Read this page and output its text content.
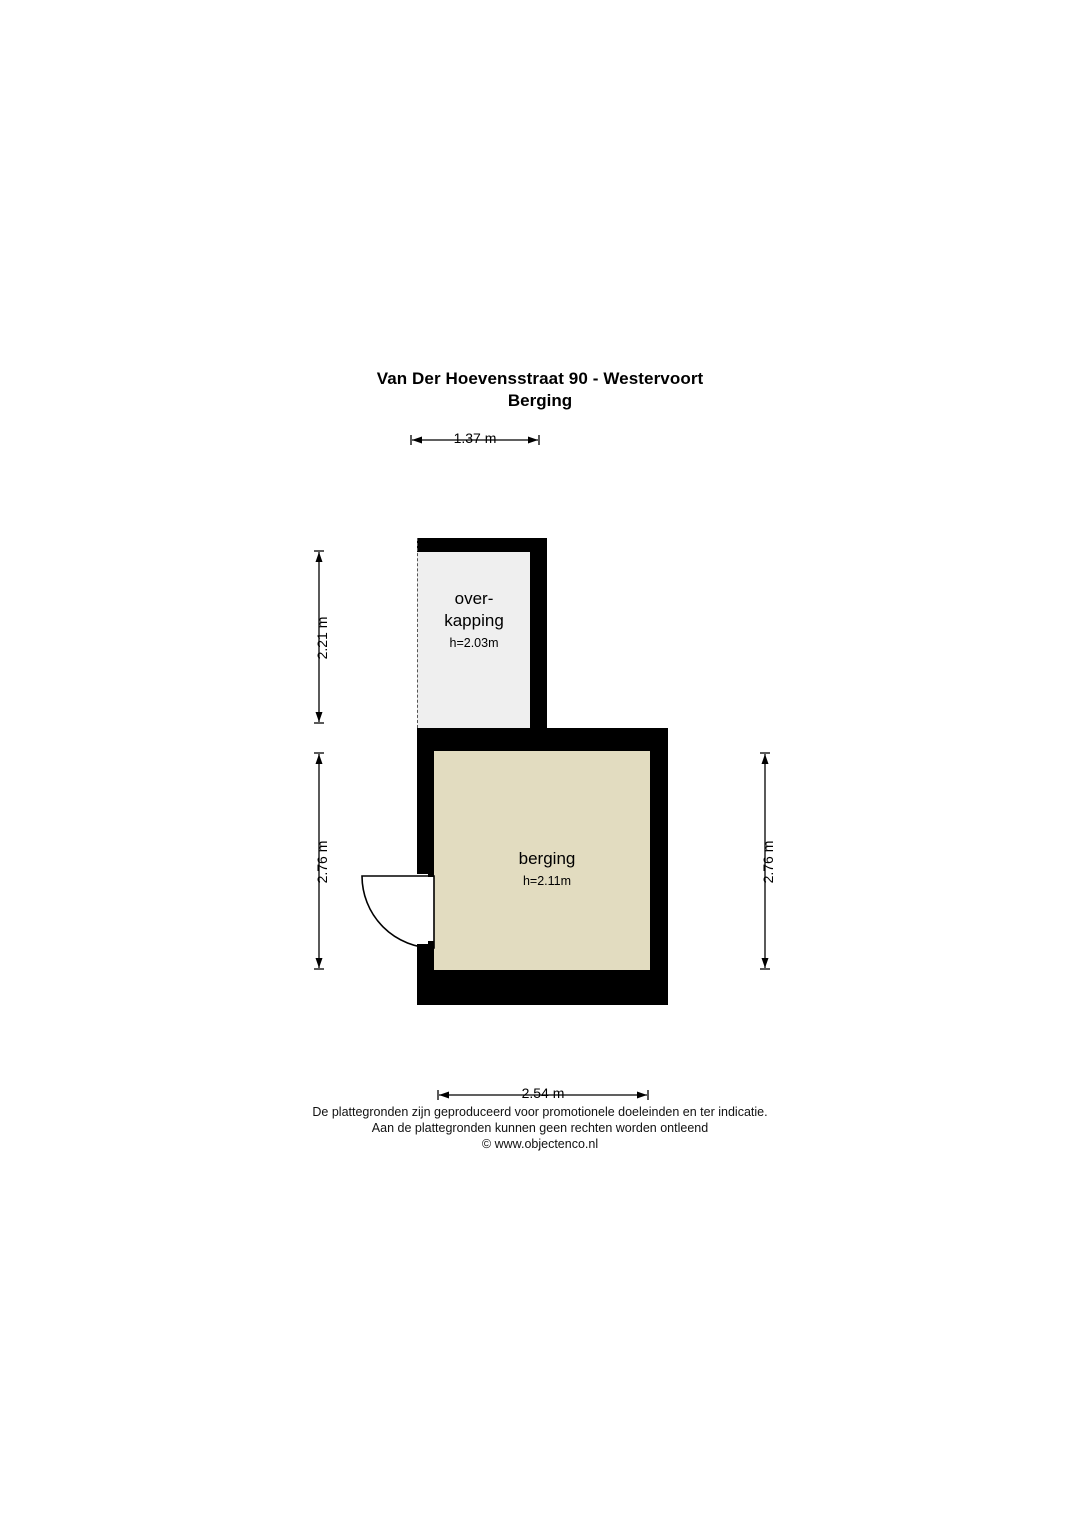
Van Der Hoevensstraat 90 - Westervoort
Berging
over-
kapping
h=2.03m
berging
h=2.11m
1.37 m
2.21 m
2.76 m	2.76 m
2.54 m
De plattegronden zijn geproduceerd voor promotionele doeleinden en ter indicatie.
Aan de plattegronden kunnen geen rechten worden ontleend
© www.objectenco.nl
